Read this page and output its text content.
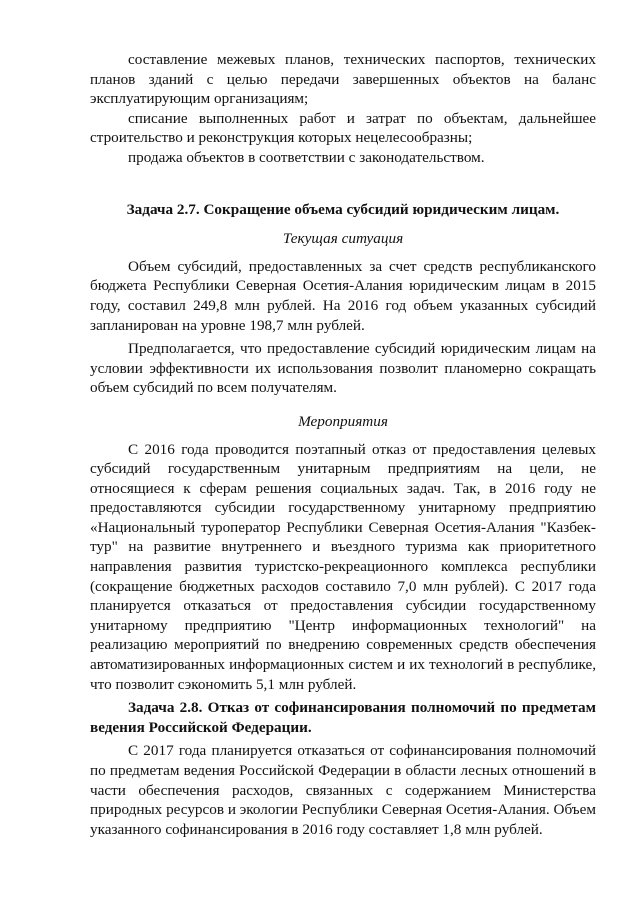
составление межевых планов, технических паспортов, технических планов зданий с целью передачи завершенных объектов на баланс эксплуатирующим организациям;

списание выполненных работ и затрат по объектам, дальнейшее строительство и реконструкция которых нецелесообразны;

продажа объектов в соответствии с законодательством.

Задача 2.7. Сокращение объема субсидий юридическим лицам.

Текущая ситуация

Объем субсидий, предоставленных за счет средств республиканского бюджета Республики Северная Осетия-Алания юридическим лицам в 2015 году, составил 249,8 млн рублей. На 2016 год объем указанных субсидий запланирован на уровне 198,7 млн рублей.

Предполагается, что предоставление субсидий юридическим лицам на условии эффективности их использования позволит планомерно сокращать объем субсидий по всем получателям.

Мероприятия

С 2016 года проводится поэтапный отказ от предоставления целевых субсидий государственным унитарным предприятиям на цели, не относящиеся к сферам решения социальных задач. Так, в 2016 году не предоставляются субсидии государственному унитарному предприятию «Национальный туроператор Республики Северная Осетия-Алания "Казбек-тур" на развитие внутреннего и въездного туризма как приоритетного направления развития туристско-рекреационного комплекса республики (сокращение бюджетных расходов составило 7,0 млн рублей). С 2017 года планируется отказаться от предоставления субсидии государственному унитарному предприятию "Центр информационных технологий" на реализацию мероприятий по внедрению современных средств обеспечения автоматизированных информационных систем и их технологий в республике, что позволит сэкономить 5,1 млн рублей.

Задача 2.8. Отказ от софинансирования полномочий по предметам ведения Российской Федерации.

С 2017 года планируется отказаться от софинансирования полномочий по предметам ведения Российской Федерации в области лесных отношений в части обеспечения расходов, связанных с содержанием Министерства природных ресурсов и экологии Республики Северная Осетия-Алания. Объем указанного софинансирования в 2016 году составляет 1,8 млн рублей.
